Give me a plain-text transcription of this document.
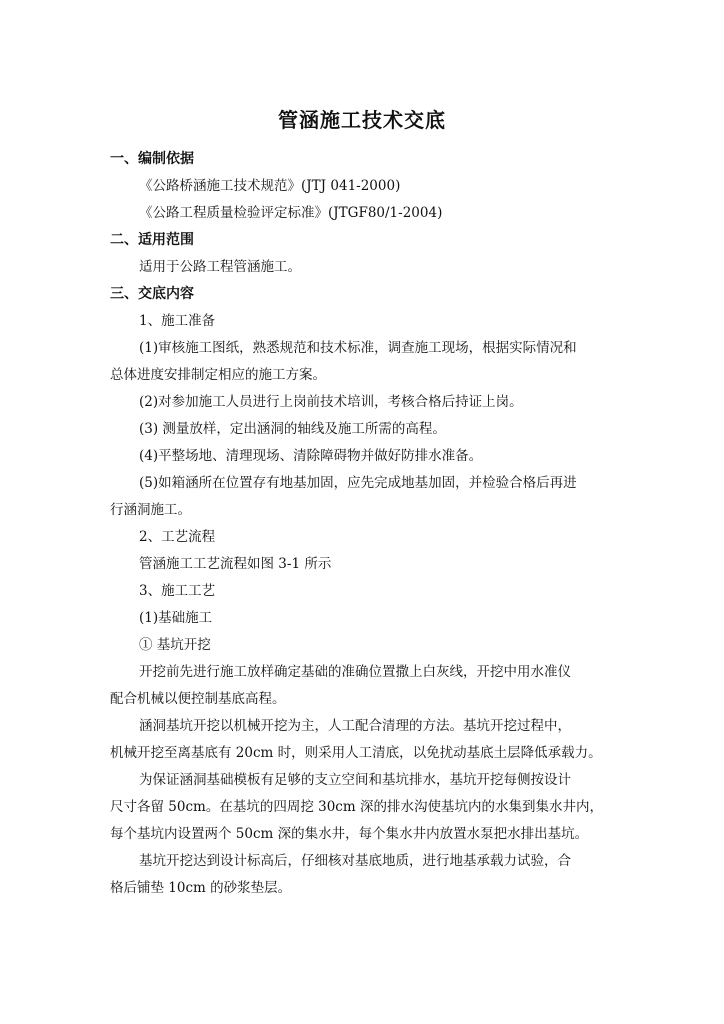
管涵施工技术交底
一、编制依据
《公路桥涵施工技术规范》(JTJ 041-2000)
《公路工程质量检验评定标准》(JTGF80/1-2004)
二、适用范围
适用于公路工程管涵施工。
三、交底内容
1、施工准备
(1)审核施工图纸，熟悉规范和技术标准，调查施工现场，根据实际情况和
总体进度安排制定相应的施工方案。
(2)对参加施工人员进行上岗前技术培训，考核合格后持证上岗。
(3) 测量放样，定出涵洞的轴线及施工所需的高程。
(4)平整场地、清理现场、清除障碍物并做好防排水准备。
(5)如箱涵所在位置存有地基加固，应先完成地基加固，并检验合格后再进
行涵洞施工。
2、工艺流程
管涵施工工艺流程如图 3-1 所示
3、施工工艺
(1)基础施工
① 基坑开挖
开挖前先进行施工放样确定基础的准确位置撒上白灰线，开挖中用水准仪
配合机械以便控制基底高程。
涵洞基坑开挖以机械开挖为主，人工配合清理的方法。基坑开挖过程中，
机械开挖至离基底有 20cm 时，则采用人工清底，以免扰动基底土层降低承载力。
为保证涵洞基础模板有足够的支立空间和基坑排水，基坑开挖每侧按设计
尺寸各留 50cm。在基坑的四周挖 30cm 深的排水沟使基坑内的水集到集水井内，
每个基坑内设置两个 50cm 深的集水井，每个集水井内放置水泵把水排出基坑。
基坑开挖达到设计标高后，仔细核对基底地质，进行地基承载力试验，合
格后铺垫 10cm 的砂浆垫层。
